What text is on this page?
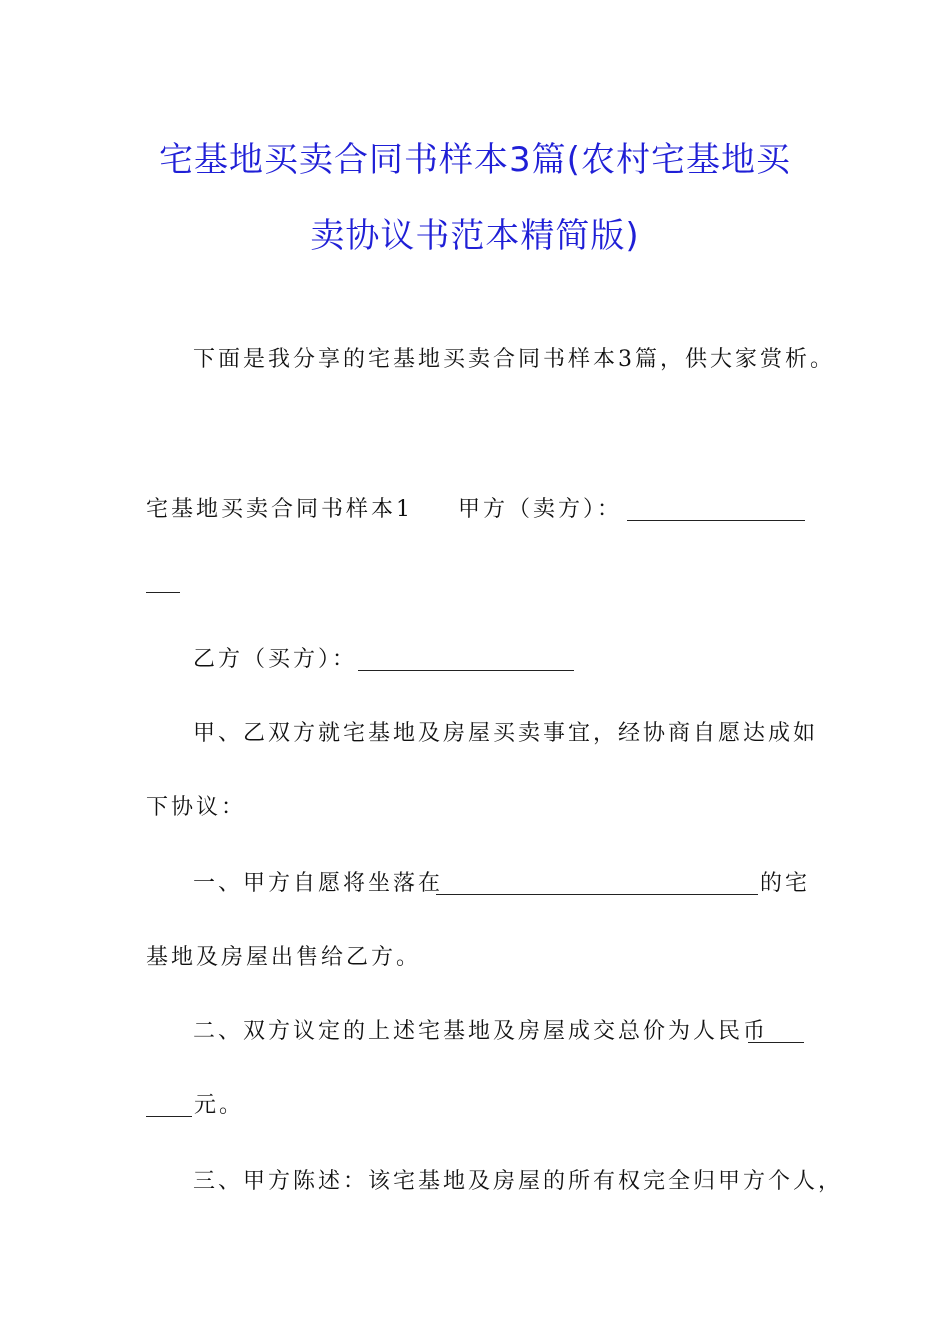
宅基地买卖合同书样本3篇(农村宅基地买
卖协议书范本精简版)
下面是我分享的宅基地买卖合同书样本3篇，供大家赏析。
宅基地买卖合同书样本1 甲方（卖方）：
乙方（买方）：
甲、乙双方就宅基地及房屋买卖事宜，经协商自愿达成如
下协议：
一、甲方自愿将坐落在	的宅
基地及房屋出售给乙方。
二、双方议定的上述宅基地及房屋成交总价为人民币
元。
三、甲方陈述：该宅基地及房屋的所有权完全归甲方个人，
